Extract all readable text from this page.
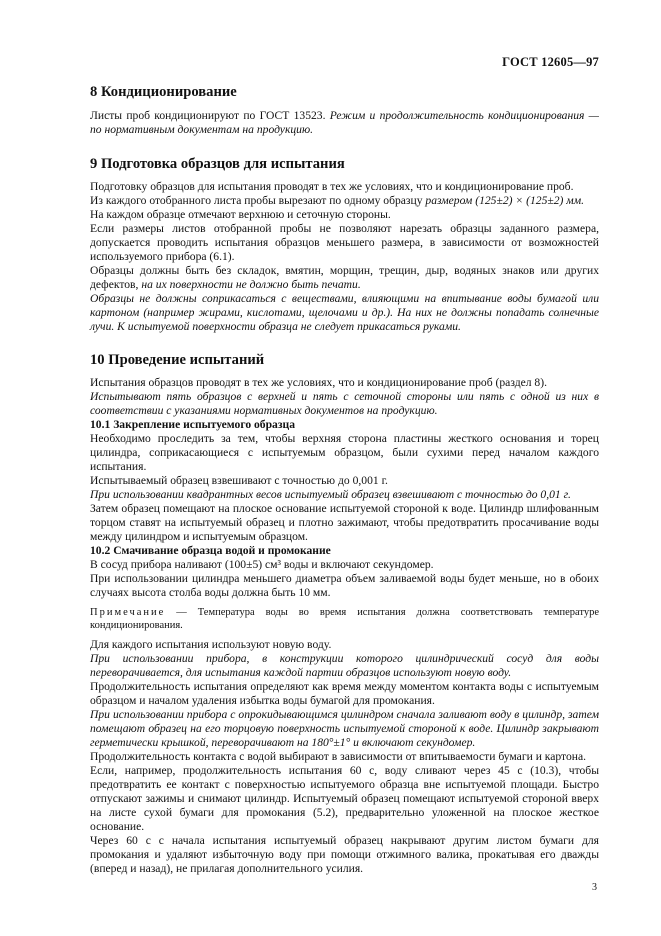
ГОСТ 12605—97
8 Кондиционирование

Листы проб кондиционируют по ГОСТ 13523. Режим и продолжительность кондиционирования — по нормативным документам на продукцию.

9 Подготовка образцов для испытания

Подготовку образцов для испытания проводят в тех же условиях, что и кондиционирование проб.

Из каждого отобранного листа пробы вырезают по одному образцу размером (125±2) × (125±2) мм.

На каждом образце отмечают верхнюю и сеточную стороны.

Если размеры листов отобранной пробы не позволяют нарезать образцы заданного размера, допускается проводить испытания образцов меньшего размера, в зависимости от возможностей используемого прибора (6.1).

Образцы должны быть без складок, вмятин, морщин, трещин, дыр, водяных знаков или других дефектов, на их поверхности не должно быть печати.

Образцы не должны соприкасаться с веществами, влияющими на впитывание воды бумагой или картоном (например жирами, кислотами, щелочами и др.). На них не должны попадать солнечные лучи. К испытуемой поверхности образца не следует прикасаться руками.

10 Проведение испытаний

Испытания образцов проводят в тех же условиях, что и кондиционирование проб (раздел 8).

Испытывают пять образцов с верхней и пять с сеточной стороны или пять с одной из них в соответствии с указаниями нормативных документов на продукцию.

10.1 Закрепление испытуемого образца

Необходимо проследить за тем, чтобы верхняя сторона пластины жесткого основания и торец цилиндра, соприкасающиеся с испытуемым образцом, были сухими перед началом каждого испытания.

Испытываемый образец взвешивают с точностью до 0,001 г.

При использовании квадрантных весов испытуемый образец взвешивают с точностью до 0,01 г.

Затем образец помещают на плоское основание испытуемой стороной к воде. Цилиндр шлифованным торцом ставят на испытуемый образец и плотно зажимают, чтобы предотвратить просачивание воды между цилиндром и испытуемым образцом.

10.2 Смачивание образца водой и промокание

В сосуд прибора наливают (100±5) см³ воды и включают секундомер.

При использовании цилиндра меньшего диаметра объем заливаемой воды будет меньше, но в обоих случаях высота столба воды должна быть 10 мм.

Примечание — Температура воды во время испытания должна соответствовать температуре кондиционирования.

Для каждого испытания используют новую воду.

При использовании прибора, в конструкции которого цилиндрический сосуд для воды переворачивается, для испытания каждой партии образцов используют новую воду.

Продолжительность испытания определяют как время между моментом контакта воды с испытуемым образцом и началом удаления избытка воды бумагой для промокания.

При использовании прибора с опрокидывающимся цилиндром сначала заливают воду в цилиндр, затем помещают образец на его торцовую поверхность испытуемой стороной к воде. Цилиндр закрывают герметически крышкой, переворачивают на 180°±1° и включают секундомер.

Продолжительность контакта с водой выбирают в зависимости от впитываемости бумаги и картона.

Если, например, продолжительность испытания 60 с, воду сливают через 45 с (10.3), чтобы предотвратить ее контакт с поверхностью испытуемого образца вне испытуемой площади. Быстро отпускают зажимы и снимают цилиндр. Испытуемый образец помещают испытуемой стороной вверх на листе сухой бумаги для промокания (5.2), предварительно уложенной на плоское жесткое основание.

Через 60 с с начала испытания испытуемый образец накрывают другим листом бумаги для промокания и удаляют избыточную воду при помощи отжимного валика, прокатывая его дважды (вперед и назад), не прилагая дополнительного усилия.

3
